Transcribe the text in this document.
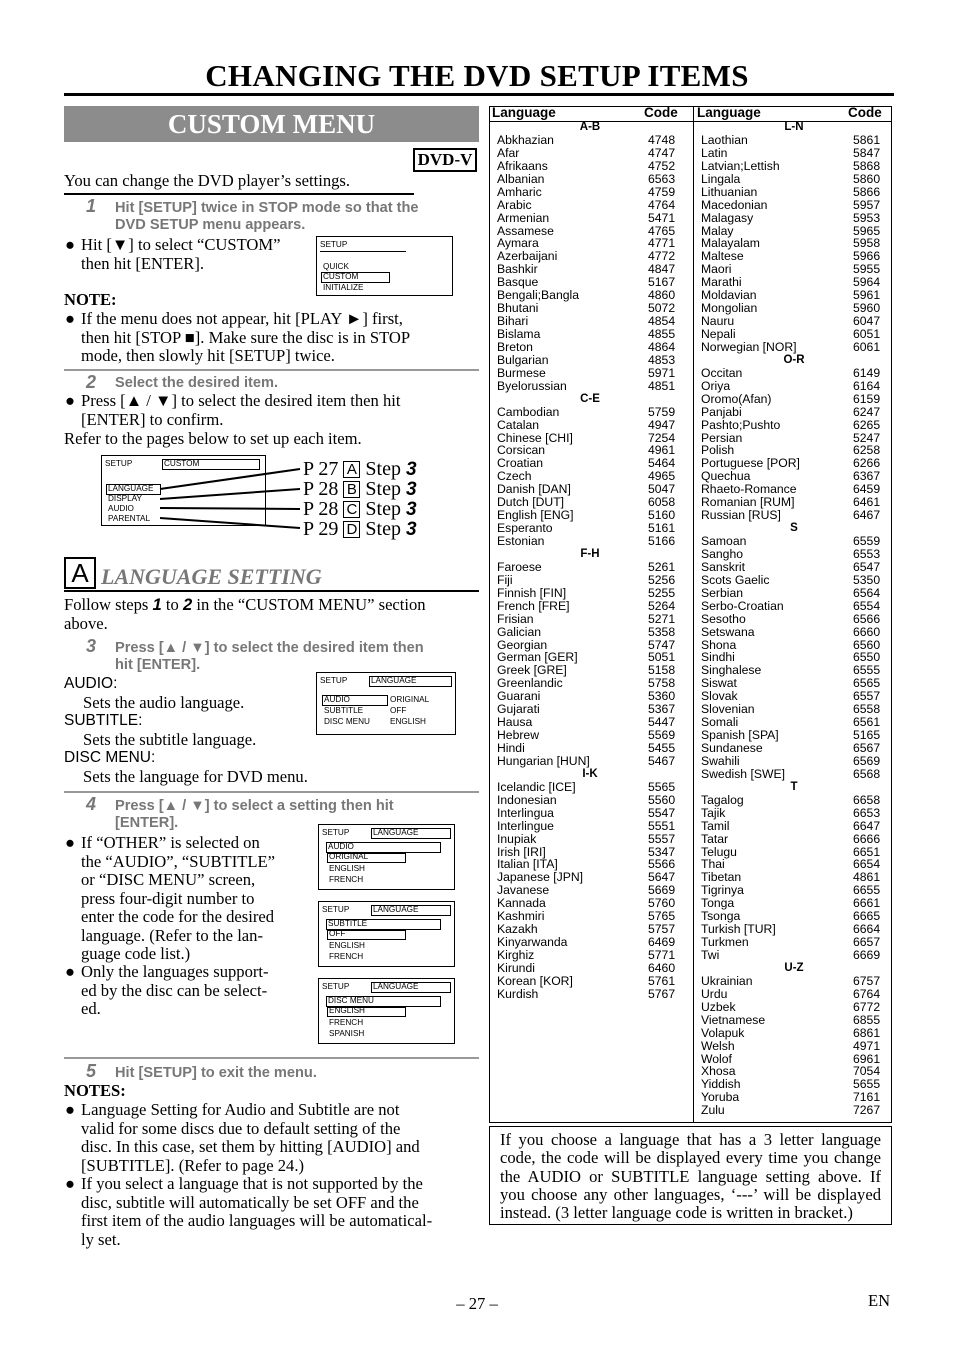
CHANGING THE DVD SETUP ITEMS
CUSTOM MENU
DVD-V
You can change the DVD player’s settings.
1 Hit [SETUP] twice in STOP mode so that the
DVD SETUP menu appears.
● Hit [▼] to select “CUSTOM”
then hit [ENTER].
SETUP
QUICK
CUSTOM
INITIALIZE
NOTE:
● If the menu does not appear, hit [PLAY ►] first,
then hit [STOP ■]. Make sure the disc is in STOP
mode, then slowly hit [SETUP] twice.
2 Select the desired item.
● Press [▲ / ▼] to select the desired item then hit
[ENTER] to confirm.
Refer to the pages below to set up each item.
SETUP	CUSTOM
LANGUAGE
DISPLAY
AUDIO
PARENTAL
P 27 A Step 3
P 28 B Step 3
P 28 C Step 3
P 29 D Step 3
A LANGUAGE SETTING
Follow steps 1 to 2 in the “CUSTOM MENU” section
above.
3 Press [▲ / ▼] to select the desired item then
hit [ENTER].
AUDIO:
Sets the audio language.
SUBTITLE:
Sets the subtitle language.
DISC MENU:
Sets the language for DVD menu.
SETUP	LANGUAGE
AUDIO	ORIGINAL
SUBTITLE	OFF
DISC MENU ENGLISH
4 Press [▲ / ▼] to select a setting then hit
[ENTER].
● If “OTHER” is selected on
the “AUDIO”, “SUBTITLE”
or “DISC MENU” screen,
press four-digit number to
enter the code for the desired
language. (Refer to the lan-
guage code list.)
● Only the languages support-
ed by the disc can be select-
ed.
SETUP	LANGUAGE
AUDIO
ORIGINAL
ENGLISH
FRENCH
SETUP	LANGUAGE
SUBTITLE
OFF
ENGLISH
FRENCH
SETUP	LANGUAGE
DISC MENU
ENGLISH
FRENCH
SPANISH
5 Hit [SETUP] to exit the menu.
NOTES:
● Language Setting for Audio and Subtitle are not
valid for some discs due to default setting of the
disc. In this case, set them by hitting [AUDIO] and
[SUBTITLE]. (Refer to page 24.)
● If you select a language that is not supported by the
disc, subtitle will automatically be set OFF and the
first item of the audio languages will be automatical-
ly set.
Language	Code Language	Code
A-B
Abkhazian	4748
Afar	4747
Afrikaans	4752
Albanian	6563
Amharic	4759
Arabic	4764
Armenian	5471
Assamese	4765
Aymara	4771
Azerbaijani	4772
Bashkir	4847
Basque	5167
Bengali;Bangla	4860
Bhutani	5072
Bihari	4854
Bislama	4855
Breton	4864
Bulgarian	4853
Burmese	5971
Byelorussian	4851
C-E
Cambodian	5759
Catalan	4947
Chinese [CHI]	7254
Corsican	4961
Croatian	5464
Czech	4965
Danish [DAN]	5047
Dutch [DUT]	6058
English [ENG]	5160
Esperanto	5161
Estonian	5166
F-H
Faroese	5261
Fiji	5256
Finnish [FIN]	5255
French [FRE]	5264
Frisian	5271
Galician	5358
Georgian	5747
German [GER]	5051
Greek [GRE]	5158
Greenlandic	5758
Guarani	5360
Gujarati	5367
Hausa	5447
Hebrew	5569
Hindi	5455
Hungarian [HUN]	5467
I-K
Icelandic [ICE]	5565
Indonesian	5560
Interlingua	5547
Interlingue	5551
Inupiak	5557
Irish [IRI]	5347
Italian [ITA]	5566
Japanese [JPN]	5647
Javanese	5669
Kannada	5760
Kashmiri	5765
Kazakh	5757
Kinyarwanda	6469
Kirghiz	5771
Kirundi	6460
Korean [KOR]	5761
Kurdish	5767
L-N
Laothian	5861
Latin	5847
Latvian;Lettish	5868
Lingala	5860
Lithuanian	5866
Macedonian	5957
Malagasy	5953
Malay	5965
Malayalam	5958
Maltese	5966
Maori	5955
Marathi	5964
Moldavian	5961
Mongolian	5960
Nauru	6047
Nepali	6051
Norwegian [NOR]	6061
O-R
Occitan	6149
Oriya	6164
Oromo(Afan)	6159
Panjabi	6247
Pashto;Pushto	6265
Persian	5247
Polish	6258
Portuguese [POR]	6266
Quechua	6367
Rhaeto-Romance	6459
Romanian [RUM]	6461
Russian [RUS]	6467
S
Samoan	6559
Sangho	6553
Sanskrit	6547
Scots Gaelic	5350
Serbian	6564
Serbo-Croatian	6554
Sesotho	6566
Setswana	6660
Shona	6560
Sindhi	6550
Singhalese	6555
Siswat	6565
Slovak	6557
Slovenian	6558
Somali	6561
Spanish [SPA]	5165
Sundanese	6567
Swahili	6569
Swedish [SWE]	6568
T
Tagalog	6658
Tajik	6653
Tamil	6647
Tatar	6666
Telugu	6651
Thai	6654
Tibetan	4861
Tigrinya	6655
Tonga	6661
Tsonga	6665
Turkish [TUR]	6664
Turkmen	6657
Twi	6669
U-Z
Ukrainian	6757
Urdu	6764
Uzbek	6772
Vietnamese	6855
Volapuk	6861
Welsh	4971
Wolof	6961
Xhosa	7054
Yiddish	5655
Yoruba	7161
Zulu	7267
If you choose a language that has a 3 letter language code, the code will be displayed every time you change the AUDIO or SUBTITLE language setting above. If you choose any other languages, ‘---’ will be displayed instead. (3 letter language code is written in bracket.)
– 27 –	EN
